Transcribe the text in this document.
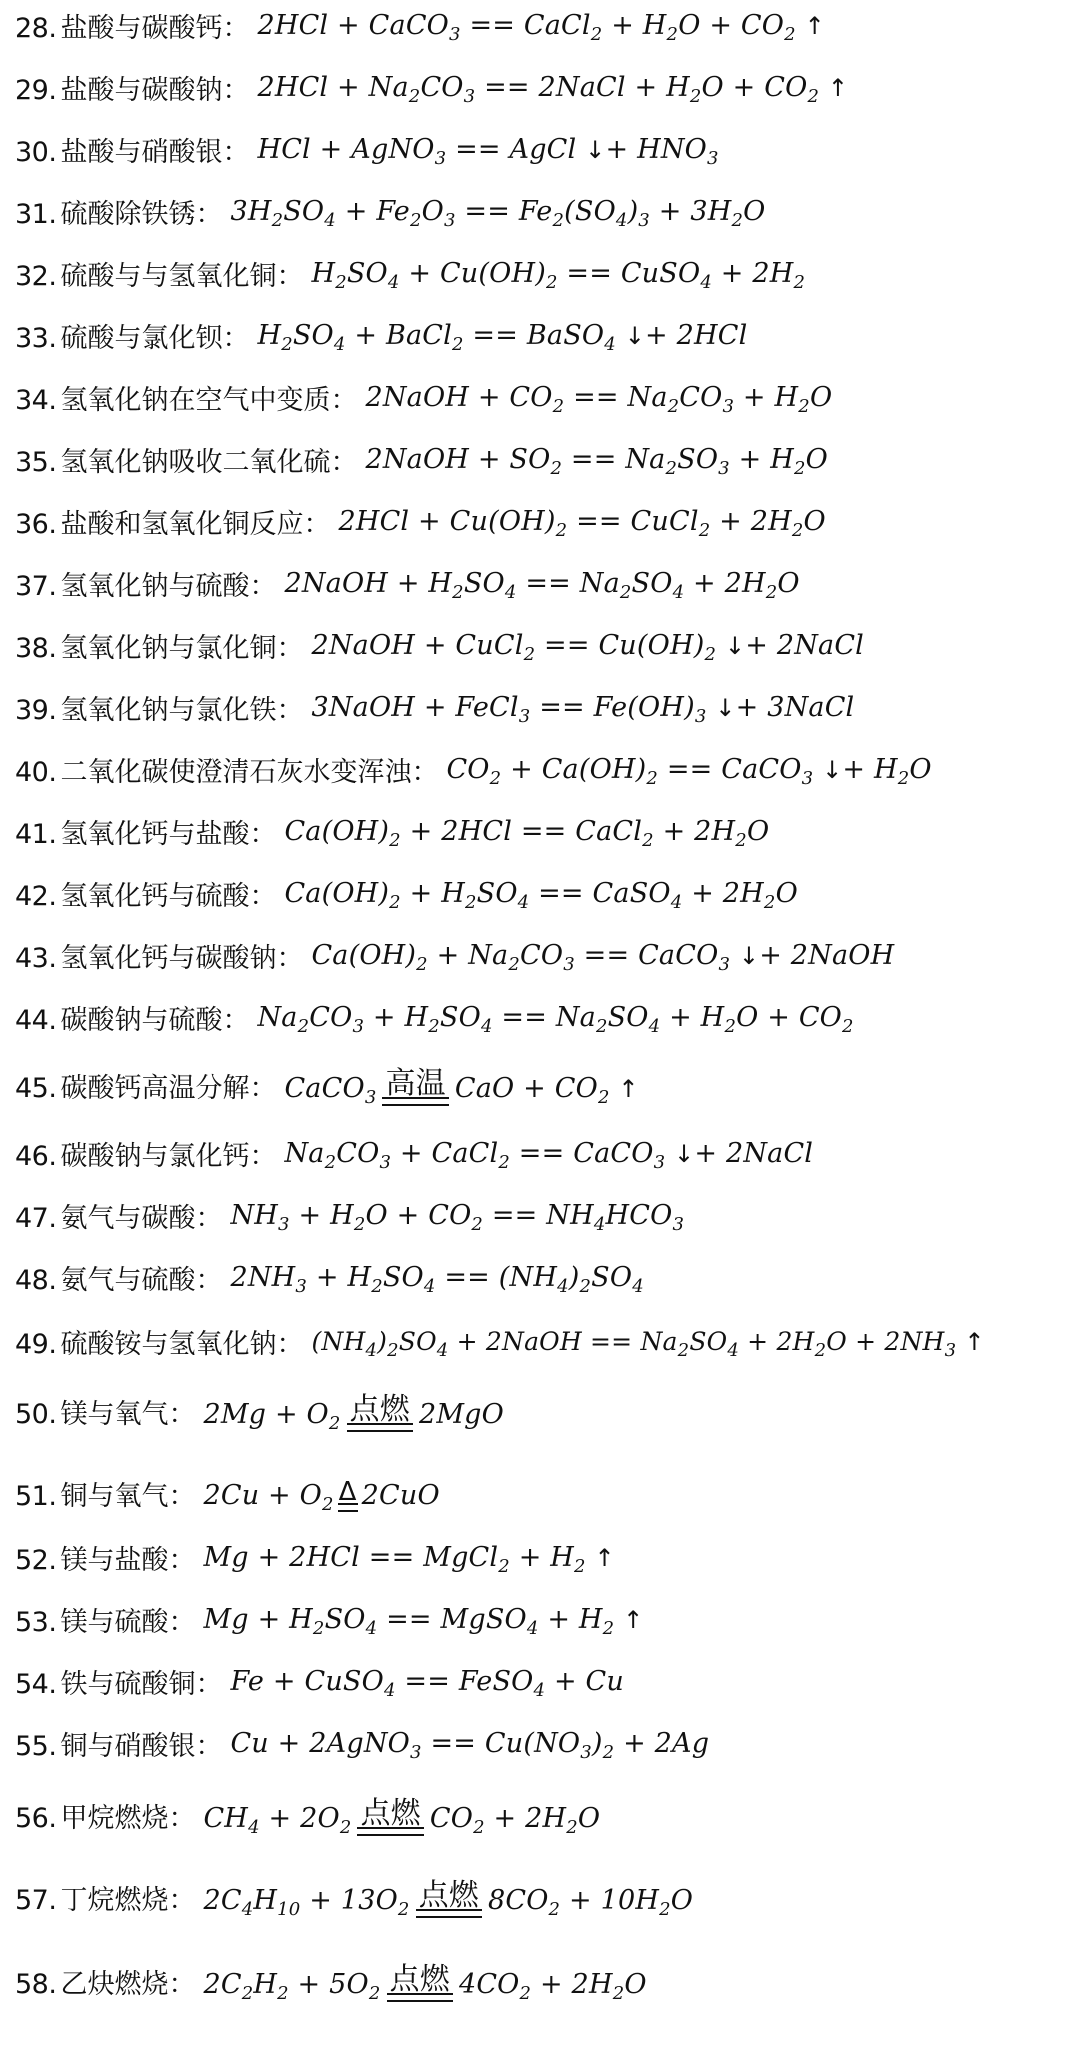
28. 盐酸与碳酸钙 ： 2HCl + CaCO$_3$ == CaCl$_2$ + $H_2O + CO_2$ ↑
29. 盐酸与碳酸钠 ： $2HCl + Na_2CO_3$ == 2NaCl + $H_2O + CO_2$ ↑
30. 盐酸与硝酸银 ： HCl + AgNO$_3$ == AgCl ↓+ $HNO_3$
31. 硫酸除铁锈 ： $3H_2SO_4 + Fe_2O_3 == Fe_2(SO_4)_3 + 3H_2O$
32. 硫酸与与氢氧化铜 ： $H_2SO_4 + Cu(OH)_2$ == CuSO$_4$ + $2H_2$
33. 硫酸与氯化钡 ： $H_2SO_4$ + BaCl$_2$ == BaSO$_4$ ↓+ 2HCl
34. 氢氧化钠在空气中变质 ： 2NaOH + $CO_2 == Na_2CO_3 + H_2O$
35. 氢氧化钠吸收二氧化硫 ： 2NaOH + $SO_2 == Na_2SO_3 + H_2O$
36. 盐酸和氢氧化铜反应 ： $2HCl + Cu(OH)_2$ == CuCl$_2$ + $2H_2O$
37. 氢氧化钠与硫酸 ： 2NaOH + $H_2SO_4 == Na_2SO_4 + 2H_2O$
38. 氢氧化钠与氯化铜 ： 2NaOH + CuCl$_2$ == $Cu(OH)_2$ ↓+ 2NaCl
39. 氢氧化钠与氯化铁 ： 3NaOH + FeCl$_3$ == $Fe(OH)_3$ ↓+ 3NaCl
40. 二氧化碳使澄清石灰水变浑浊 ： $CO_2 + Ca(OH)_2$ == CaCO$_3$ ↓+ $H_2O$
41. 氢氧化钙与盐酸 ： $Ca(OH)_2 + 2HCl$ == CaCl$_2$ + $2H_2O$
42. 氢氧化钙与硫酸 ： $Ca(OH)_2 + H_2SO_4$ == CaSO$_4$ + $2H_2O$
43. 氢氧化钙与碳酸钠 ： $Ca(OH)_2 + Na_2CO_3$ == CaCO$_3$ ↓+ 2NaOH
44. 碳酸钠与硫酸 ： $Na_2CO_3 + H_2SO_4 == Na_2SO_4 + H_2O + CO_2$
45. 碳酸钙高温分解 ： CaCO$_3$ 高温 CaO + $CO_2$ ↑
46. 碳酸钠与氯化钙 ： $Na_2CO_3$ + CaCl$_2$ == CaCO$_3$ ↓+ 2NaCl
47. 氨气与碳酸 ： $NH_3 + H_2O + CO_2 == NH_4HCO_3$
48. 氨气与硫酸 ： $2NH_3 + H_2SO_4 == (NH_4)_2SO_4$
49. 硫酸铵与氢氧化钠 ： $(NH_4)_2SO_4$ + 2NaOH == $Na_2SO_4 + 2H_2O + 2NH_3$ ↑
50. 镁与氧气 ： $2Mg + O_2$ 点燃 2MgO
51. 铜与氧气 ： $2Cu + O_2$ Δ 2CuO
52. 镁与盐酸 ： Mg + 2HCl == MgCl$_2$ + $H_2$ ↑
53. 镁与硫酸 ： $Mg + H_2SO_4$ == MgSO$_4$ + $H_2$ ↑
54. 铁与硫酸铜 ： Fe + CuSO$_4$ == FeSO$_4$ + Cu
55. 铜与硝酸银 ： Cu + 2AgNO$_3$ == $Cu(NO_3)_2 + 2Ag$
56. 甲烷燃烧 ： $CH_4 + 2O_2$ 点燃 $CO_2 + 2H_2O$
57. 丁烷燃烧 ： $2C_4H_{10} + 13O_2$ 点燃 $8CO_2 + 10H_2O$
58. 乙炔燃烧 ： $2C_2H_2 + 5O_2$ 点燃 $4CO_2 + 2H_2O$
